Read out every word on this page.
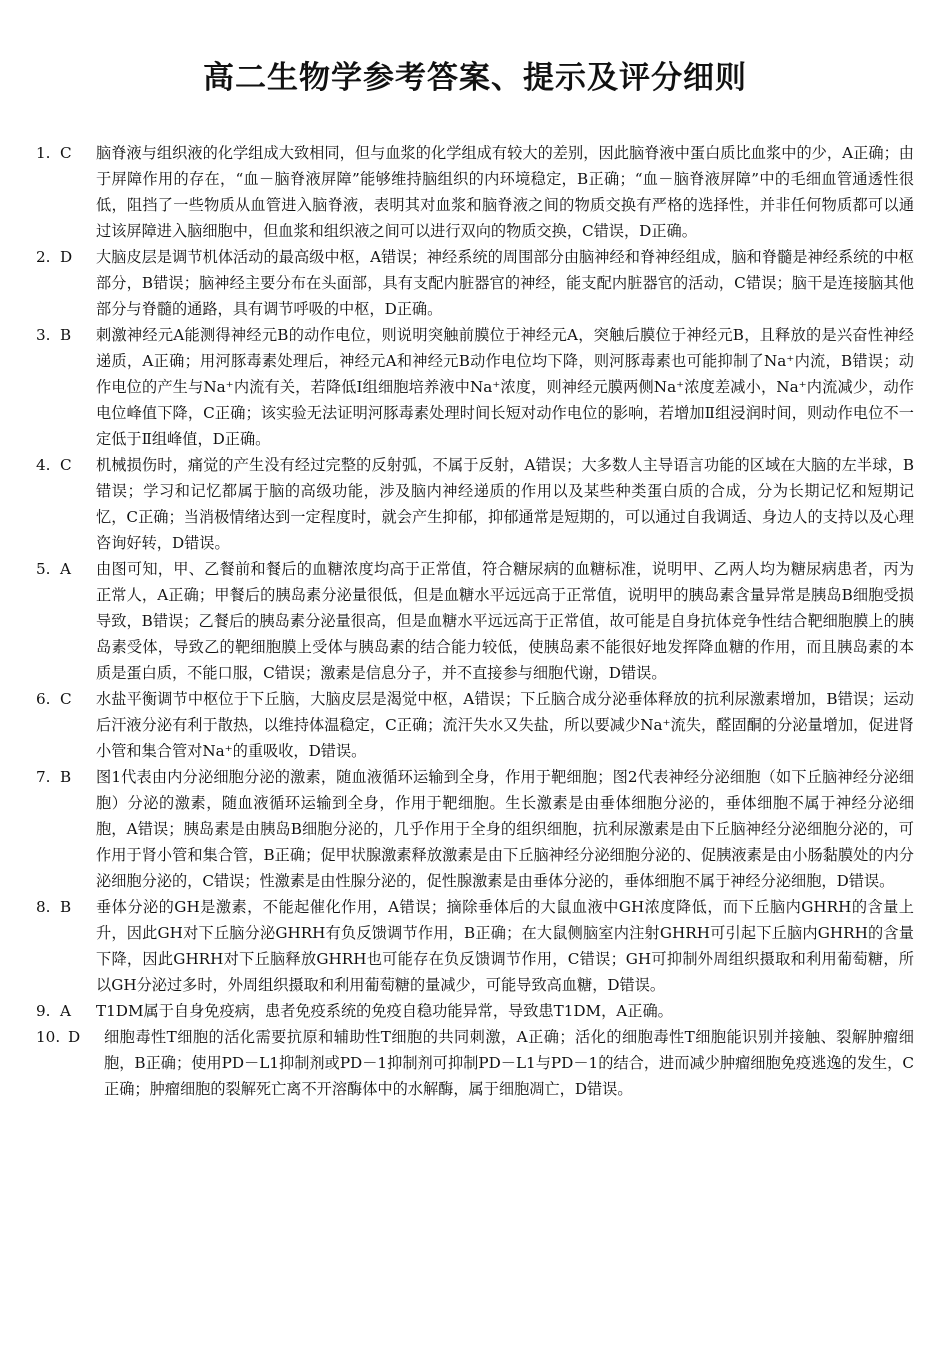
高二生物学参考答案、提示及评分细则
1. C	脑脊液与组织液的化学组成大致相同，但与血浆的化学组成有较大的差别，因此脑脊液中蛋白质比血浆中的少，A正确；由于屏障作用的存在，“血－脑脊液屏障”能够维持脑组织的内环境稳定，B正确；“血－脑脊液屏障”中的毛细血管通透性很低，阻挡了一些物质从血管进入脑脊液，表明其对血浆和脑脊液之间的物质交换有严格的选择性，并非任何物质都可以通过该屏障进入脑细胞中，但血浆和组织液之间可以进行双向的物质交换，C错误，D正确。
2. D	大脑皮层是调节机体活动的最高级中枢，A错误；神经系统的周围部分由脑神经和脊神经组成，脑和脊髓是神经系统的中枢部分，B错误；脑神经主要分布在头面部，具有支配内脏器官的神经，能支配内脏器官的活动，C错误；脑干是连接脑其他部分与脊髓的通路，具有调节呼吸的中枢，D正确。
3. B	刺激神经元A能测得神经元B的动作电位，则说明突触前膜位于神经元A，突触后膜位于神经元B，且释放的是兴奋性神经递质，A正确；用河豚毒素处理后，神经元A和神经元B动作电位均下降，则河豚毒素也可能抑制了Na⁺内流，B错误；动作电位的产生与Na⁺内流有关，若降低Ⅰ组细胞培养液中Na⁺浓度，则神经元膜两侧Na⁺浓度差减小，Na⁺内流减少，动作电位峰值下降，C正确；该实验无法证明河豚毒素处理时间长短对动作电位的影响，若增加Ⅱ组浸润时间，则动作电位不一定低于Ⅱ组峰值，D正确。
4. C	机械损伤时，痛觉的产生没有经过完整的反射弧，不属于反射，A错误；大多数人主导语言功能的区域在大脑的左半球，B错误；学习和记忆都属于脑的高级功能，涉及脑内神经递质的作用以及某些种类蛋白质的合成，分为长期记忆和短期记忆，C正确；当消极情绪达到一定程度时，就会产生抑郁，抑郁通常是短期的，可以通过自我调适、身边人的支持以及心理咨询好转，D错误。
5. A	由图可知，甲、乙餐前和餐后的血糖浓度均高于正常值，符合糖尿病的血糖标准，说明甲、乙两人均为糖尿病患者，丙为正常人，A正确；甲餐后的胰岛素分泌量很低，但是血糖水平远远高于正常值，说明甲的胰岛素含量异常是胰岛B细胞受损导致，B错误；乙餐后的胰岛素分泌量很高，但是血糖水平远远高于正常值，故可能是自身抗体竞争性结合靶细胞膜上的胰岛素受体，导致乙的靶细胞膜上受体与胰岛素的结合能力较低，使胰岛素不能很好地发挥降血糖的作用，而且胰岛素的本质是蛋白质，不能口服，C错误；激素是信息分子，并不直接参与细胞代谢，D错误。
6. C	水盐平衡调节中枢位于下丘脑，大脑皮层是渴觉中枢，A错误；下丘脑合成分泌垂体释放的抗利尿激素增加，B错误；运动后汗液分泌有利于散热，以维持体温稳定，C正确；流汗失水又失盐，所以要减少Na⁺流失，醛固酮的分泌量增加，促进肾小管和集合管对Na⁺的重吸收，D错误。
7. B	图1代表由内分泌细胞分泌的激素，随血液循环运输到全身，作用于靶细胞；图2代表神经分泌细胞（如下丘脑神经分泌细胞）分泌的激素，随血液循环运输到全身，作用于靶细胞。生长激素是由垂体细胞分泌的，垂体细胞不属于神经分泌细胞，A错误；胰岛素是由胰岛B细胞分泌的，几乎作用于全身的组织细胞，抗利尿激素是由下丘脑神经分泌细胞分泌的，可作用于肾小管和集合管，B正确；促甲状腺激素释放激素是由下丘脑神经分泌细胞分泌的、促胰液素是由小肠黏膜处的内分泌细胞分泌的，C错误；性激素是由性腺分泌的，促性腺激素是由垂体分泌的，垂体细胞不属于神经分泌细胞，D错误。
8. B	垂体分泌的GH是激素，不能起催化作用，A错误；摘除垂体后的大鼠血液中GH浓度降低，而下丘脑内GHRH的含量上升，因此GH对下丘脑分泌GHRH有负反馈调节作用，B正确；在大鼠侧脑室内注射GHRH可引起下丘脑内GHRH的含量下降，因此GHRH对下丘脑释放GHRH也可能存在负反馈调节作用，C错误；GH可抑制外周组织摄取和利用葡萄糖，所以GH分泌过多时，外周组织摄取和利用葡萄糖的量减少，可能导致高血糖，D错误。
9. A	T1DM属于自身免疫病，患者免疫系统的免疫自稳功能异常，导致患T1DM，A正确。
10. D	细胞毒性T细胞的活化需要抗原和辅助性T细胞的共同刺激，A正确；活化的细胞毒性T细胞能识别并接触、裂解肿瘤细胞，B正确；使用PD－L1抑制剂或PD－1抑制剂可抑制PD－L1与PD－1的结合，进而减少肿瘤细胞免疫逃逸的发生，C正确；肿瘤细胞的裂解死亡离不开溶酶体中的水解酶，属于细胞凋亡，D错误。
